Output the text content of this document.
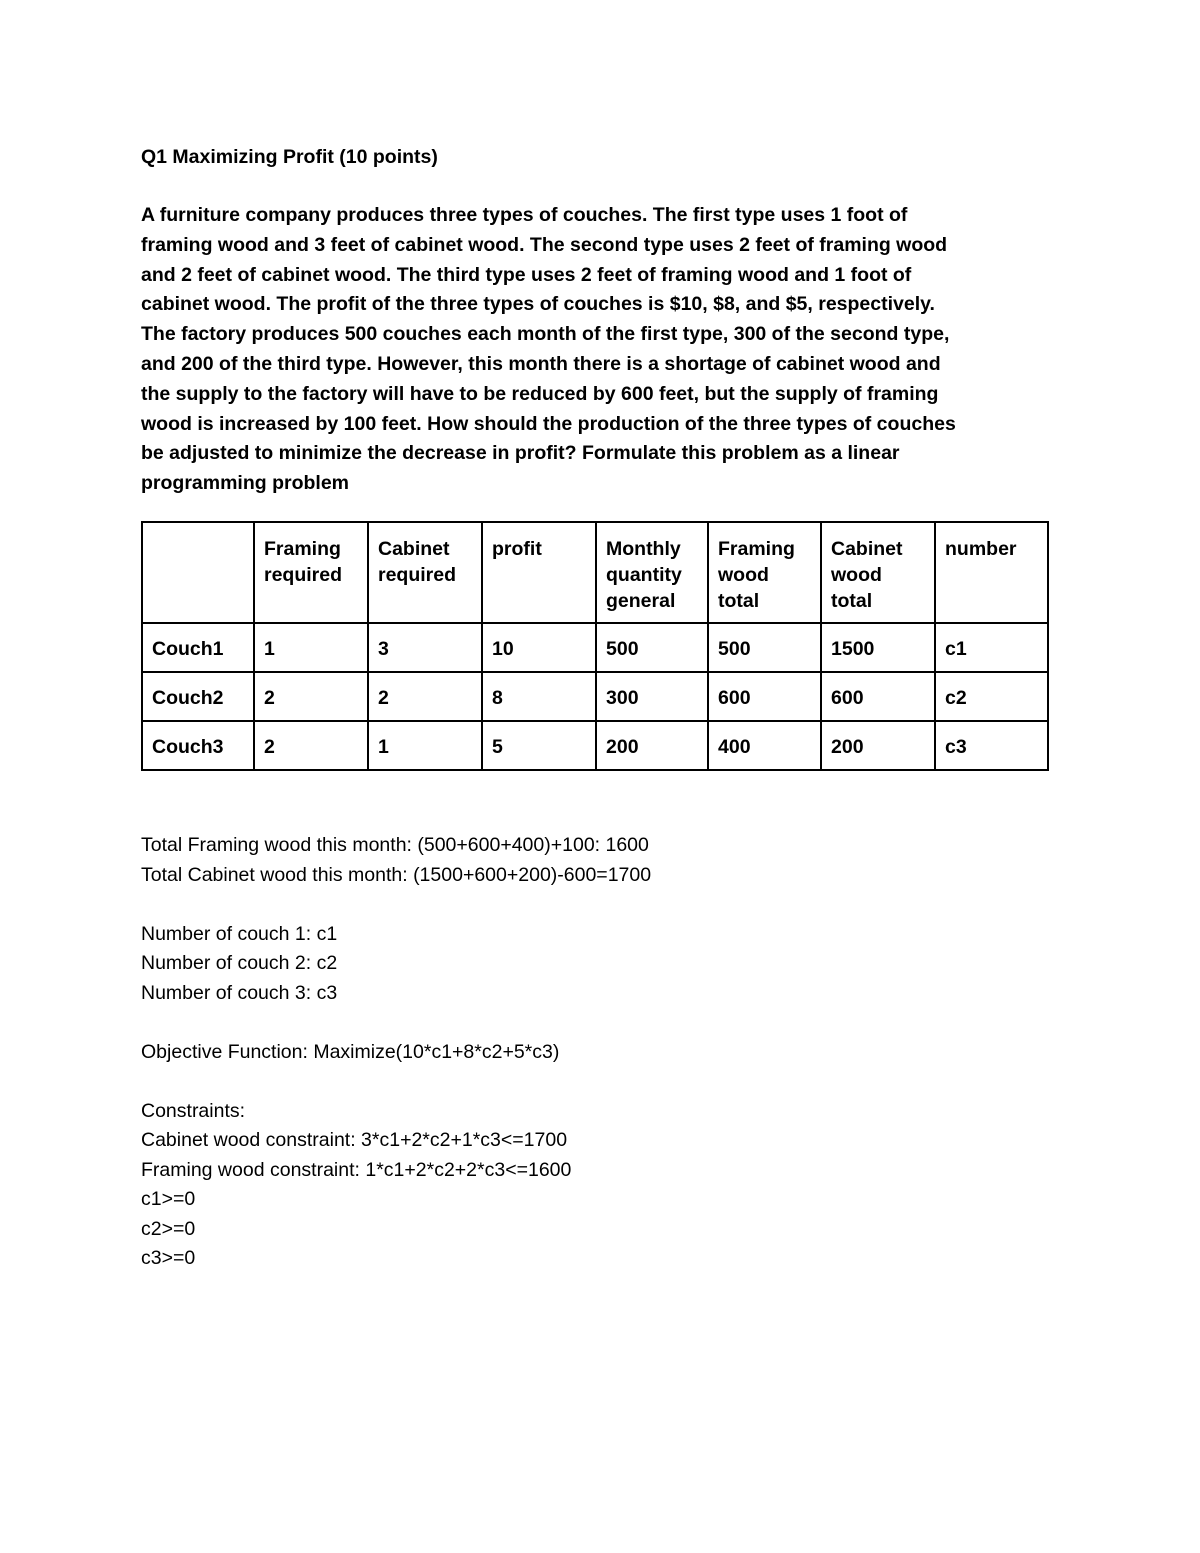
Q1 Maximizing Profit (10 points)

A furniture company produces three types of couches. The first type uses 1 foot of
framing wood and 3 feet of cabinet wood. The second type uses 2 feet of framing wood
and 2 feet of cabinet wood. The third type uses 2 feet of framing wood and 1 foot of
cabinet wood. The profit of the three types of couches is $10, $8, and $5, respectively.
The factory produces 500 couches each month of the first type, 300 of the second type,
and 200 of the third type. However, this month there is a shortage of cabinet wood and
the supply to the factory will have to be reduced by 600 feet, but the supply of framing
wood is increased by 100 feet. How should the production of the three types of couches
be adjusted to minimize the decrease in profit? Formulate this problem as a linear
programming problem

	Framing required	Cabinet required	profit	Monthly quantity general	Framing wood total	Cabinet wood total	number
Couch1	1	3	10	500	500	1500	c1
Couch2	2	2	8	300	600	600	c2
Couch3	2	1	5	200	400	200	c3
Total Framing wood this month: (500+600+400)+100: 1600
Total Cabinet wood this month: (1500+600+200)-600=1700
Number of couch 1: c1
Number of couch 2: c2
Number of couch 3: c3
Objective Function: Maximize(10*c1+8*c2+5*c3)
Constraints:
Cabinet wood constraint: 3*c1+2*c2+1*c3<=1700
Framing wood constraint: 1*c1+2*c2+2*c3<=1600
c1>=0
c2>=0
c3>=0
